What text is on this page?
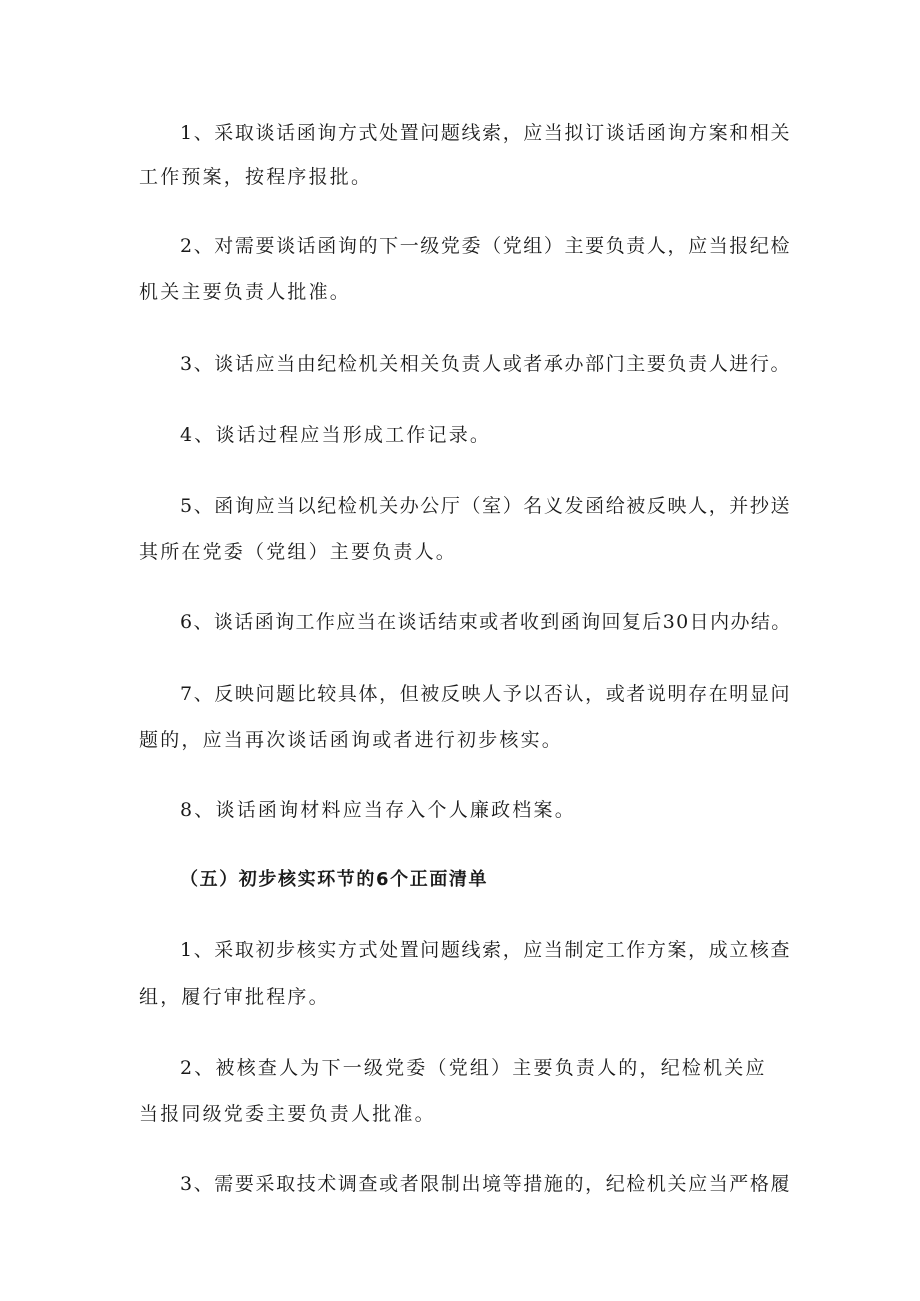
1、采取谈话函询方式处置问题线索，应当拟订谈话函询方案和相关
工作预案，按程序报批。
2、对需要谈话函询的下一级党委（党组）主要负责人，应当报纪检
机关主要负责人批准。
3、谈话应当由纪检机关相关负责人或者承办部门主要负责人进行。
4、谈话过程应当形成工作记录。
5、函询应当以纪检机关办公厅（室）名义发函给被反映人，并抄送
其所在党委（党组）主要负责人。
6、谈话函询工作应当在谈话结束或者收到函询回复后30日内办结。
7、反映问题比较具体，但被反映人予以否认，或者说明存在明显问
题的，应当再次谈话函询或者进行初步核实。
8、谈话函询材料应当存入个人廉政档案。
（五）初步核实环节的6个正面清单
1、采取初步核实方式处置问题线索，应当制定工作方案，成立核查
组，履行审批程序。
2、被核查人为下一级党委（党组）主要负责人的，纪检机关应
当报同级党委主要负责人批准。
3、需要采取技术调查或者限制出境等措施的，纪检机关应当严格履
